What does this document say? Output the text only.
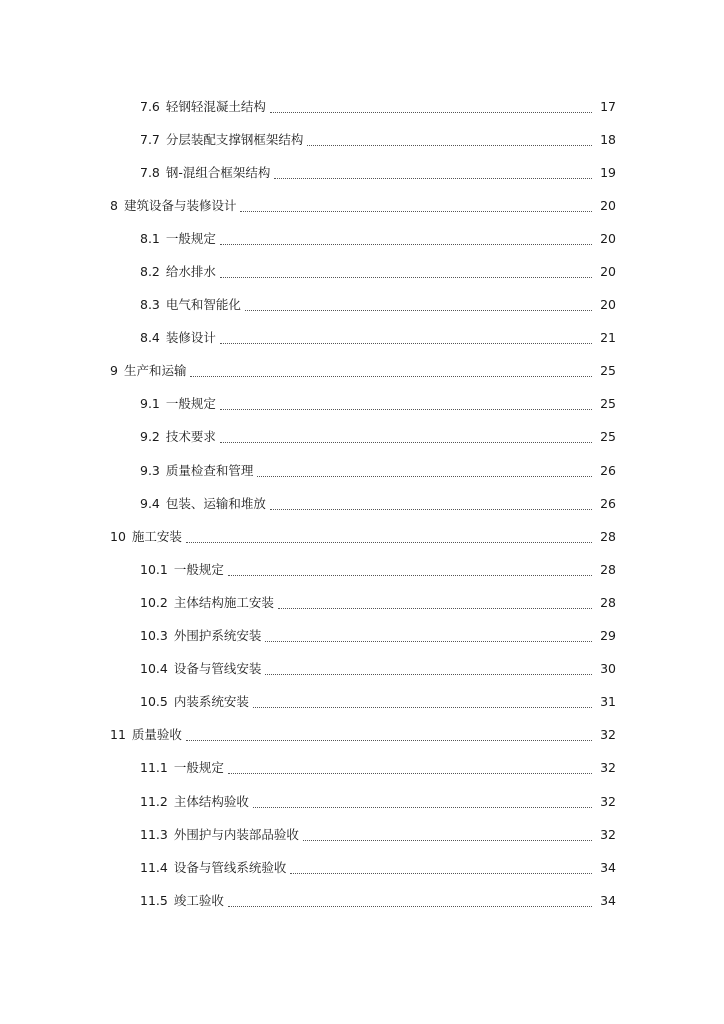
7.6 轻钢轻混凝土结构	17
7.7 分层装配支撑钢框架结构	18
7.8 钢-混组合框架结构	19
8 建筑设备与装修设计	20
8.1 一般规定	20
8.2 给水排水	20
8.3 电气和智能化	20
8.4 装修设计	21
9 生产和运输	25
9.1 一般规定	25
9.2 技术要求	25
9.3 质量检查和管理	26
9.4 包装、运输和堆放	26
10 施工安装	28
10.1 一般规定	28
10.2 主体结构施工安装	28
10.3 外围护系统安装	29
10.4 设备与管线安装	30
10.5 内装系统安装	31
11 质量验收	32
11.1 一般规定	32
11.2 主体结构验收	32
11.3 外围护与内装部品验收	32
11.4 设备与管线系统验收	34
11.5 竣工验收	34
